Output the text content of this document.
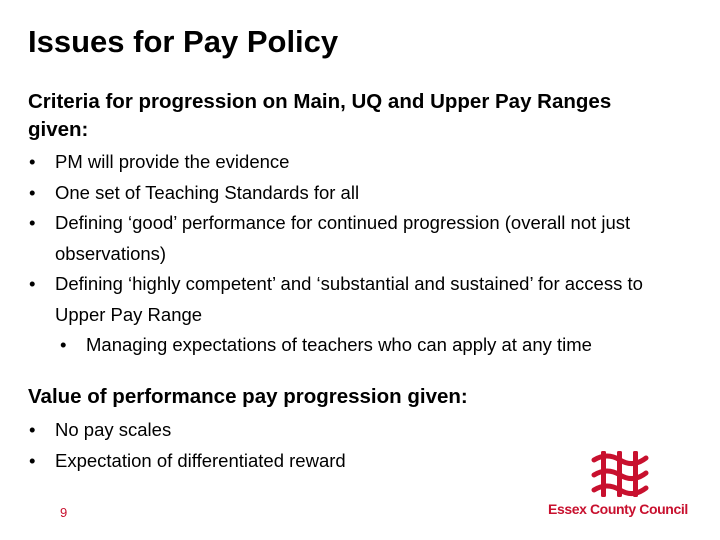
Issues for Pay Policy

Criteria for progression on Main, UQ and Upper Pay Ranges given:

• PM will provide the evidence
• One set of Teaching Standards for all
• Defining ‘good’ performance for continued progression (overall not just observations)
• Defining ‘highly competent’ and ‘substantial and sustained’ for access to Upper Pay Range
• Managing expectations of teachers who can apply at any time

Value of performance pay progression given:

• No pay scales
• Expectation of differentiated reward
9	Essex County Council
